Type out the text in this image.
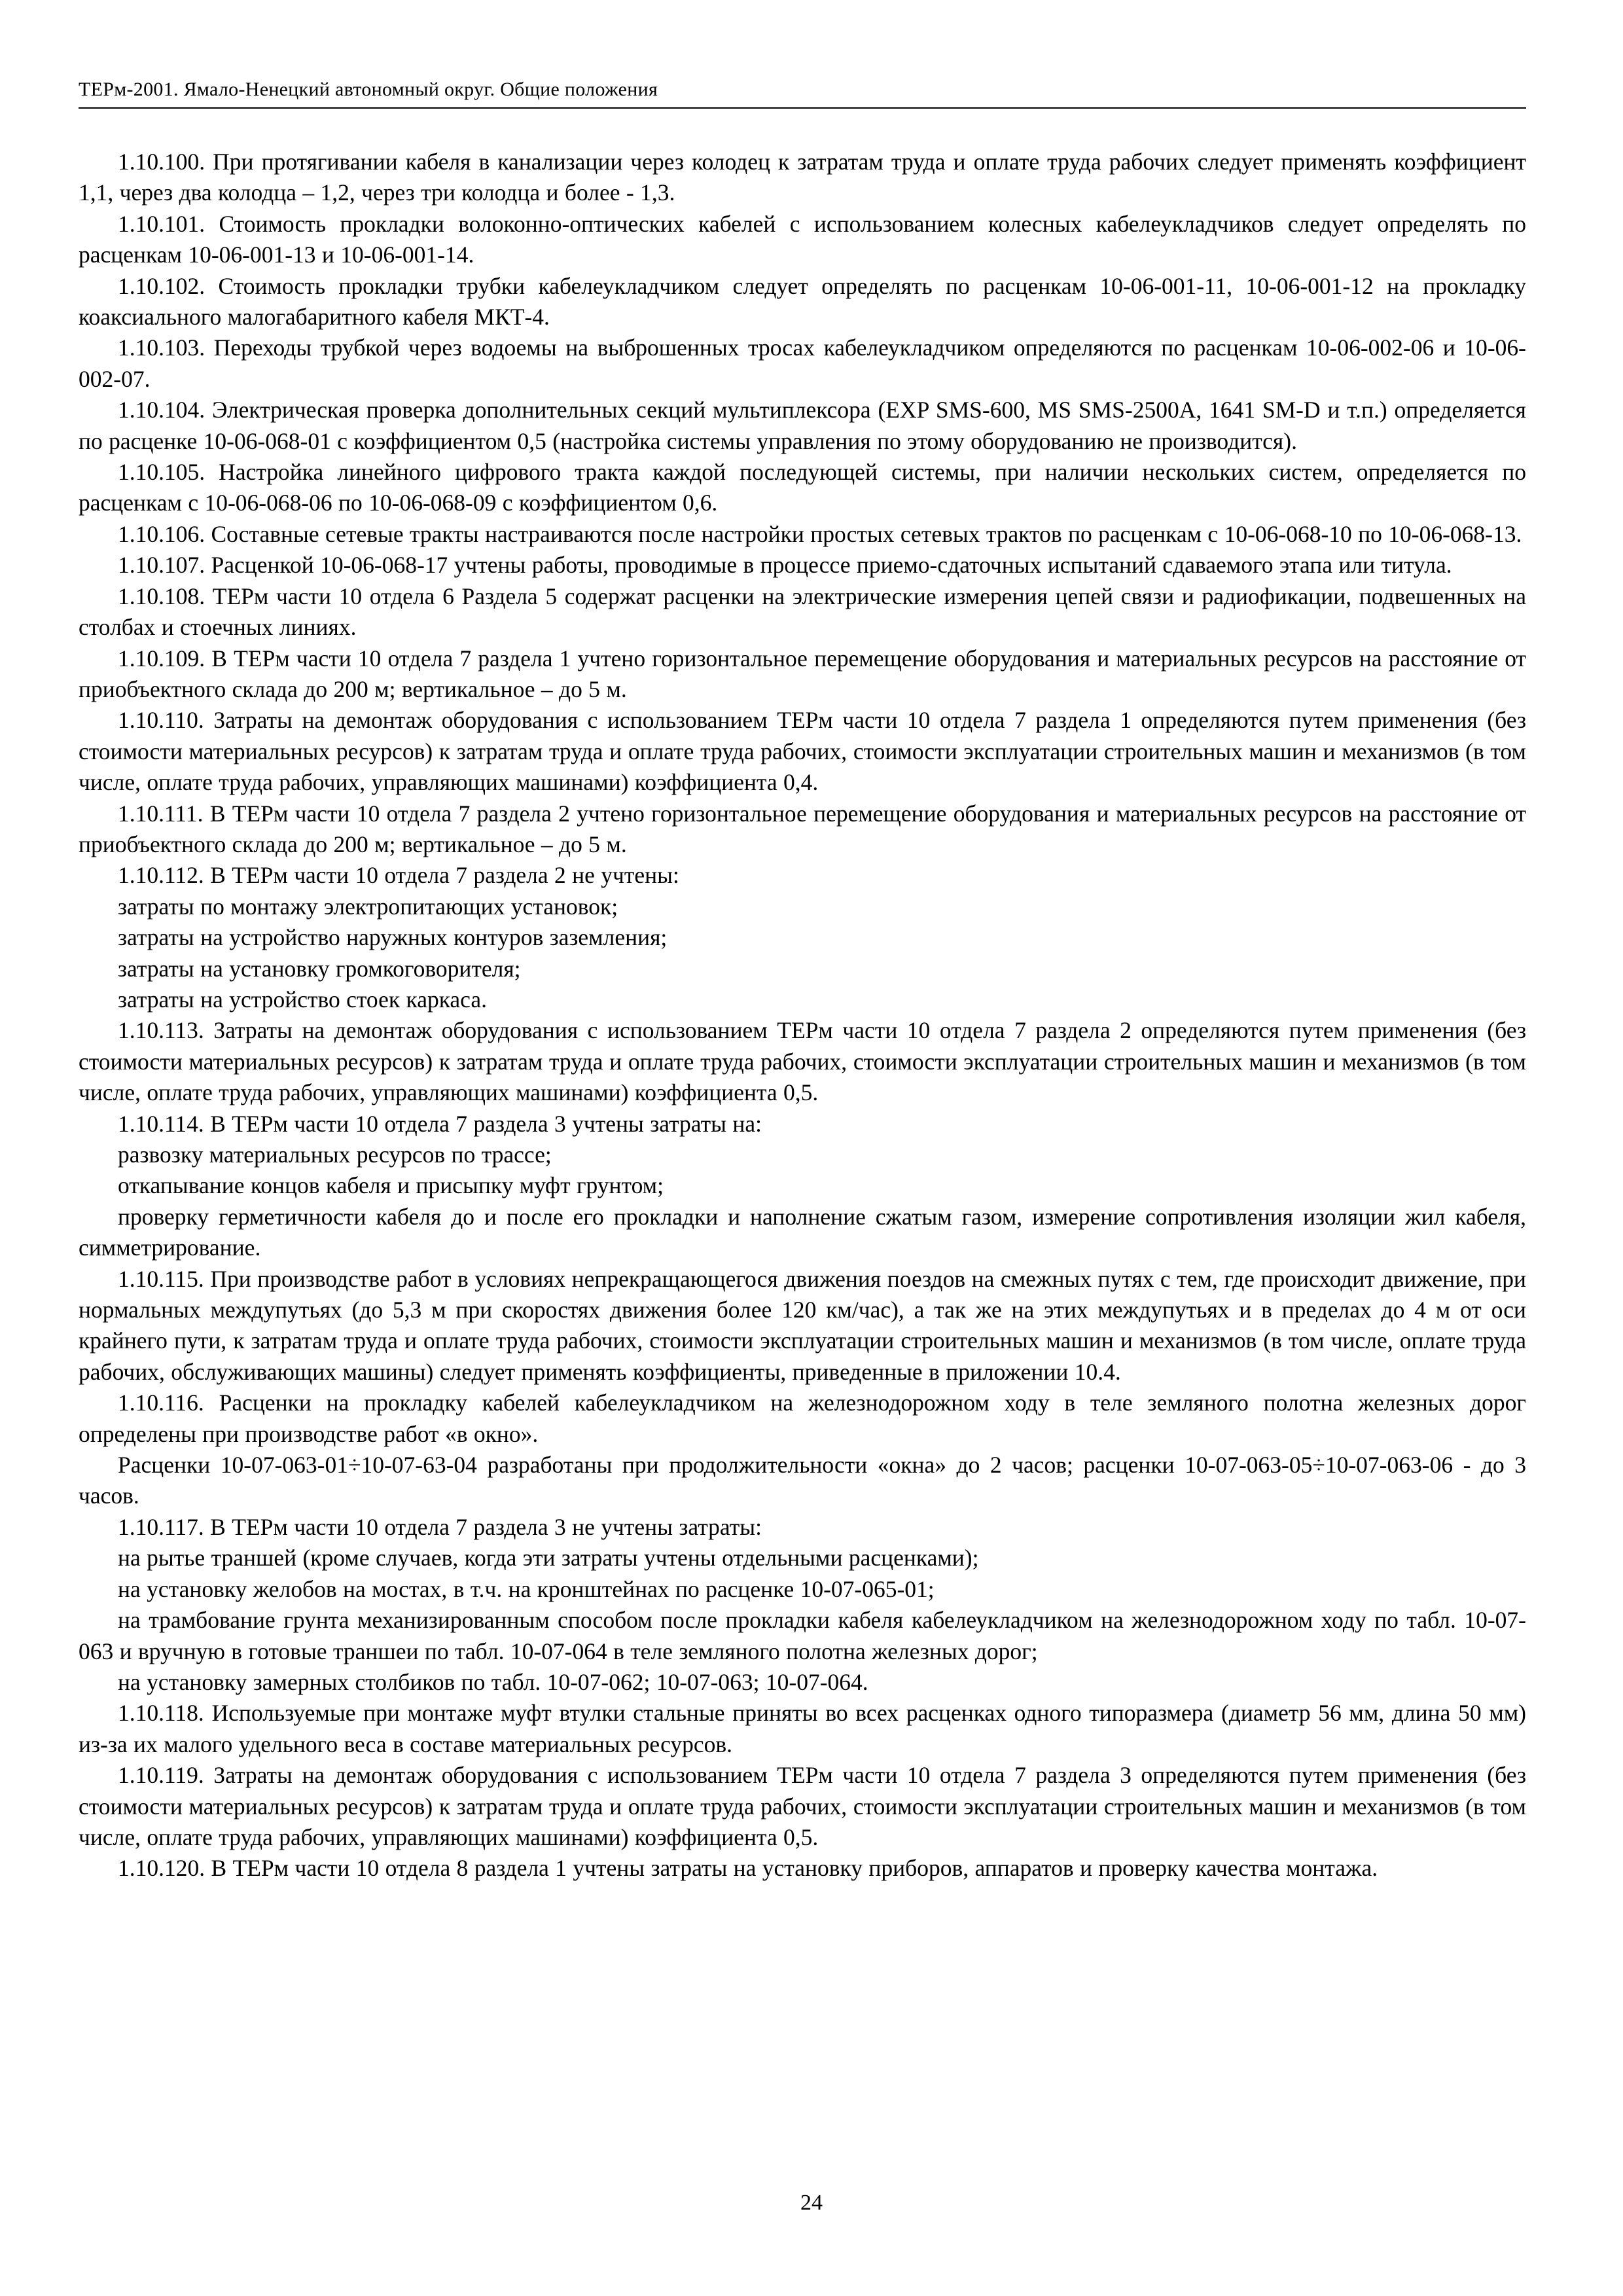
ТЕРм-2001. Ямало-Ненецкий автономный округ. Общие положения

1.10.100. При протягивании кабеля в канализации через колодец к затратам труда и оплате труда рабочих следует применять коэффициент 1,1, через два колодца – 1,2, через три колодца и более - 1,3.

1.10.101. Стоимость прокладки волоконно-оптических кабелей с использованием колесных кабелеукладчиков следует определять по расценкам 10-06-001-13 и 10-06-001-14.

1.10.102. Стоимость прокладки трубки кабелеукладчиком следует определять по расценкам 10-06-001-11, 10-06-001-12 на прокладку коаксиального малогабаритного кабеля МКТ-4.

1.10.103. Переходы трубкой через водоемы на выброшенных тросах кабелеукладчиком определяются по расценкам 10-06-002-06 и 10-06-002-07.

1.10.104. Электрическая проверка дополнительных секций мультиплексора (EXP SMS-600, MS SMS-2500A, 1641 SM-D и т.п.) определяется по расценке 10-06-068-01 с коэффициентом 0,5 (настройка системы управления по этому оборудованию не производится).

1.10.105. Настройка линейного цифрового тракта каждой последующей системы, при наличии нескольких систем, определяется по расценкам с 10-06-068-06 по 10-06-068-09 с коэффициентом 0,6.

1.10.106. Составные сетевые тракты настраиваются после настройки простых сетевых трактов по расценкам с 10-06-068-10 по 10-06-068-13.

1.10.107. Расценкой 10-06-068-17 учтены работы, проводимые в процессе приемо-сдаточных испытаний сдаваемого этапа или титула.

1.10.108. ТЕРм части 10 отдела 6 Раздела 5 содержат расценки на электрические измерения цепей связи и радиофикации, подвешенных на столбах и стоечных линиях.

1.10.109. В ТЕРм части 10 отдела 7 раздела 1 учтено горизонтальное перемещение оборудования и материальных ресурсов на расстояние от приобъектного склада до 200 м; вертикальное – до 5 м.

1.10.110. Затраты на демонтаж оборудования с использованием ТЕРм части 10 отдела 7 раздела 1 определяются путем применения (без стоимости материальных ресурсов) к затратам труда и оплате труда рабочих, стоимости эксплуатации строительных машин и механизмов (в том числе, оплате труда рабочих, управляющих машинами) коэффициента 0,4.

1.10.111. В ТЕРм части 10 отдела 7 раздела 2 учтено горизонтальное перемещение оборудования и материальных ресурсов на расстояние от приобъектного склада до 200 м; вертикальное – до 5 м.

1.10.112. В ТЕРм части 10 отдела 7 раздела 2 не учтены:

затраты по монтажу электропитающих установок;

затраты на устройство наружных контуров заземления;

затраты на установку громкоговорителя;

затраты на устройство стоек каркаса.

1.10.113. Затраты на демонтаж оборудования с использованием ТЕРм части 10 отдела 7 раздела 2 определяются путем применения (без стоимости материальных ресурсов) к затратам труда и оплате труда рабочих, стоимости эксплуатации строительных машин и механизмов (в том числе, оплате труда рабочих, управляющих машинами) коэффициента 0,5.

1.10.114. В ТЕРм части 10 отдела 7 раздела 3 учтены затраты на:

развозку материальных ресурсов по трассе;

откапывание концов кабеля и присыпку муфт грунтом;

проверку герметичности кабеля до и после его прокладки и наполнение сжатым газом, измерение сопротивления изоляции жил кабеля, симметрирование.

1.10.115. При производстве работ в условиях непрекращающегося движения поездов на смежных путях с тем, где происходит движение, при нормальных междупутьях (до 5,3 м при скоростях движения более 120 км/час), а так же на этих междупутьях и в пределах до 4 м от оси крайнего пути, к затратам труда и оплате труда рабочих, стоимости эксплуатации строительных машин и механизмов (в том числе, оплате труда рабочих, обслуживающих машины) следует применять коэффициенты, приведенные в приложении 10.4.

1.10.116. Расценки на прокладку кабелей кабелеукладчиком на железнодорожном ходу в теле земляного полотна железных дорог определены при производстве работ «в окно».

Расценки 10-07-063-01÷10-07-63-04 разработаны при продолжительности «окна» до 2 часов; расценки 10-07-063-05÷10-07-063-06 - до 3 часов.

1.10.117. В ТЕРм части 10 отдела 7 раздела 3 не учтены затраты:

на рытье траншей (кроме случаев, когда эти затраты учтены отдельными расценками);

на установку желобов на мостах, в т.ч. на кронштейнах по расценке 10-07-065-01;

на трамбование грунта механизированным способом после прокладки кабеля кабелеукладчиком на железнодорожном ходу по табл. 10-07-063 и вручную в готовые траншеи по табл. 10-07-064 в теле земляного полотна железных дорог;

на установку замерных столбиков по табл. 10-07-062; 10-07-063; 10-07-064.

1.10.118. Используемые при монтаже муфт втулки стальные приняты во всех расценках одного типоразмера (диаметр 56 мм, длина 50 мм) из-за их малого удельного веса в составе материальных ресурсов.

1.10.119. Затраты на демонтаж оборудования с использованием ТЕРм части 10 отдела 7 раздела 3 определяются путем применения (без стоимости материальных ресурсов) к затратам труда и оплате труда рабочих, стоимости эксплуатации строительных машин и механизмов (в том числе, оплате труда рабочих, управляющих машинами) коэффициента 0,5.

1.10.120. В ТЕРм части 10 отдела 8 раздела 1 учтены затраты на установку приборов, аппаратов и проверку качества монтажа.

24
